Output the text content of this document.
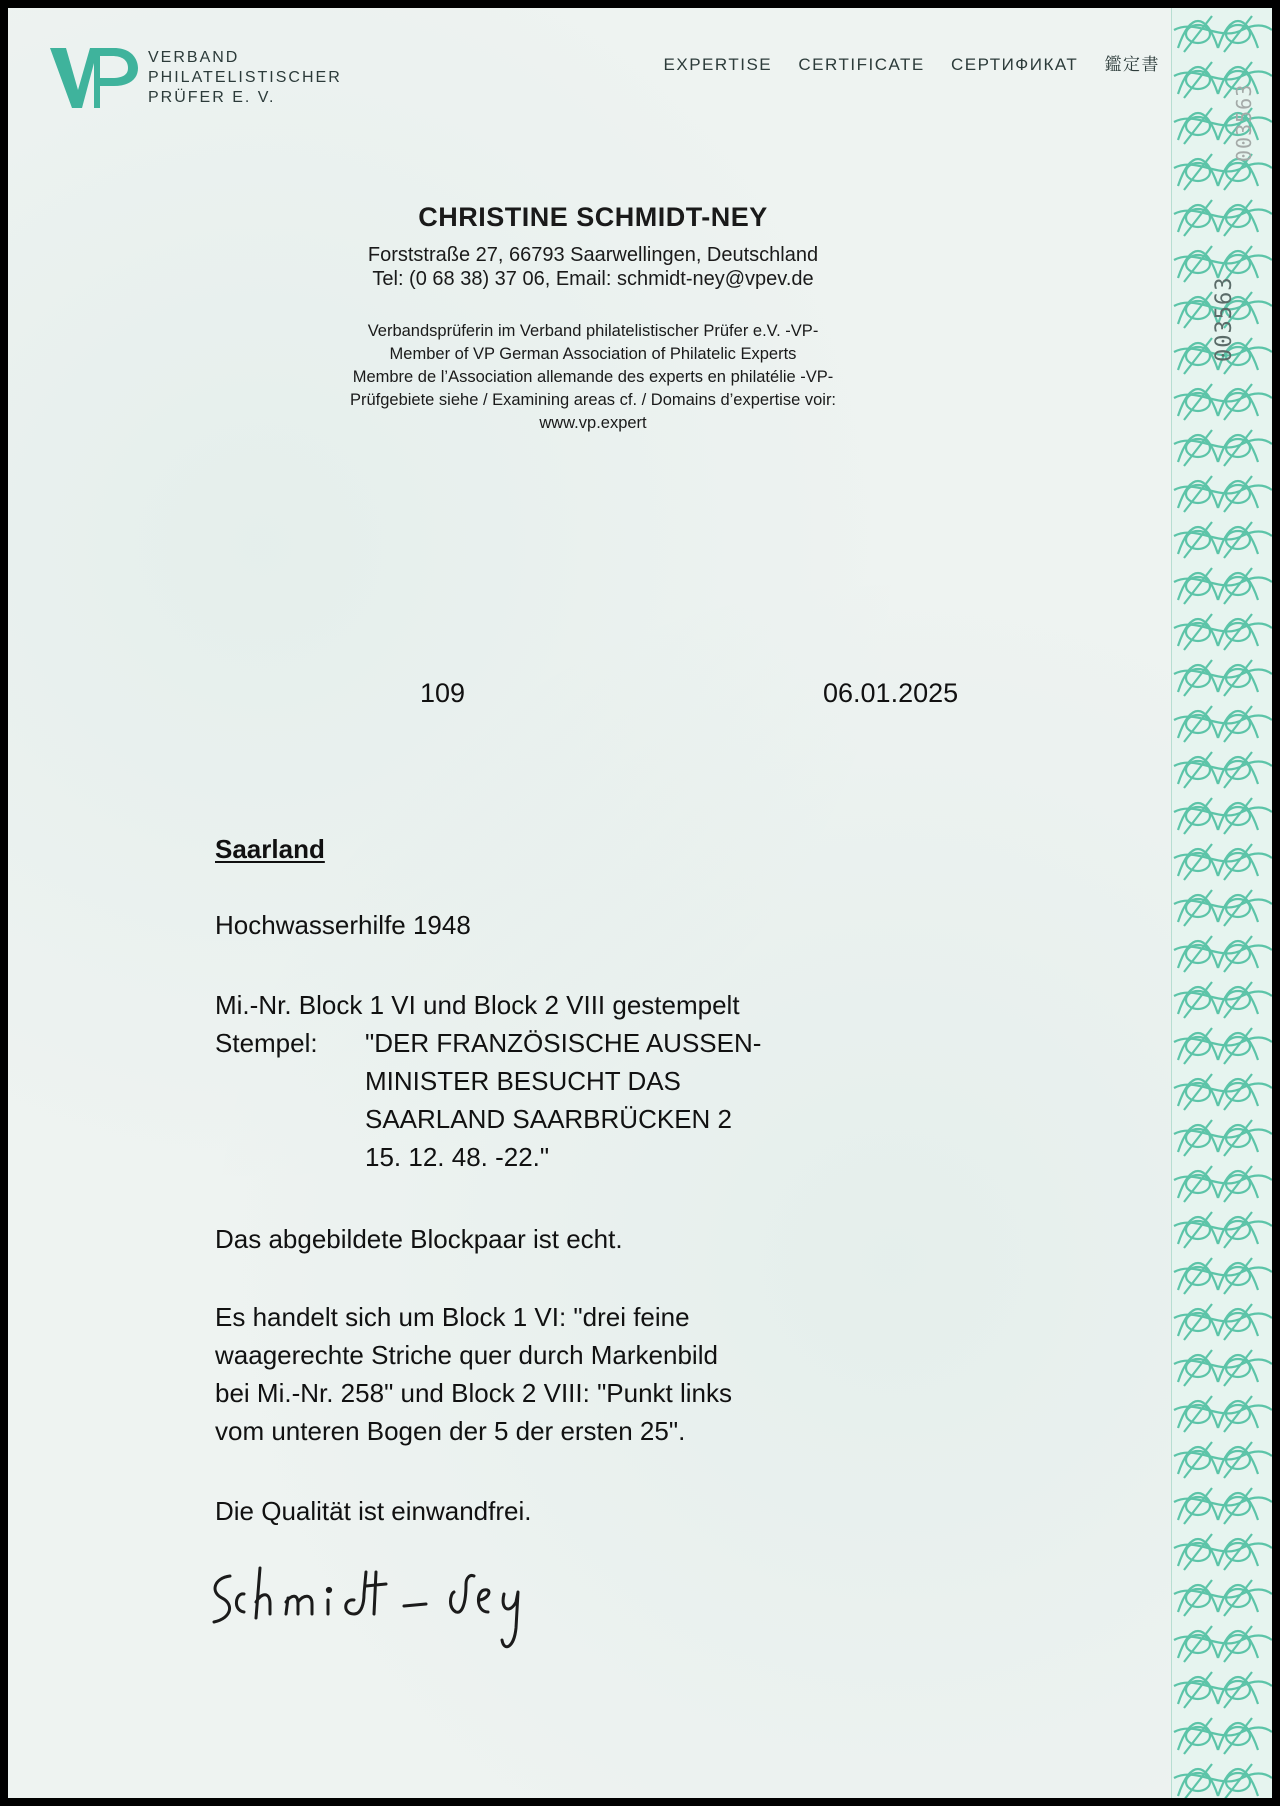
VERBAND
PHILATELISTISCHER
PRÜFER E. V.
EXPERTISE CERTIFICATE СЕРТИФИКАТ 鑑定書
CHRISTINE SCHMIDT-NEY
Forststraße 27, 66793 Saarwellingen, Deutschland
Tel: (0 68 38) 37 06, Email: schmidt-ney@vpev.de
Verbandsprüferin im Verband philatelistischer Prüfer e.V. -VP-
Member of VP German Association of Philatelic Experts
Membre de l’Association allemande des experts en philatélie -VP-
Prüfgebiete siehe / Examining areas cf. / Domains d’expertise voir:
www.vp.expert
109	06.01.2025
Saarland
Hochwasserhilfe 1948
Mi.-Nr. Block 1 VI und Block 2 VIII gestempelt
Stempel: "DER FRANZÖSISCHE AUSSEN-
MINISTER BESUCHT DAS
SAARLAND SAARBRÜCKEN 2
15. 12. 48. -22."
Das abgebildete Blockpaar ist echt.
Es handelt sich um Block 1 VI: "drei feine
waagerechte Striche quer durch Markenbild
bei Mi.-Nr. 258" und Block 2 VIII: "Punkt links
vom unteren Bogen der 5 der ersten 25".
Die Qualität ist einwandfrei.
003563
003563
